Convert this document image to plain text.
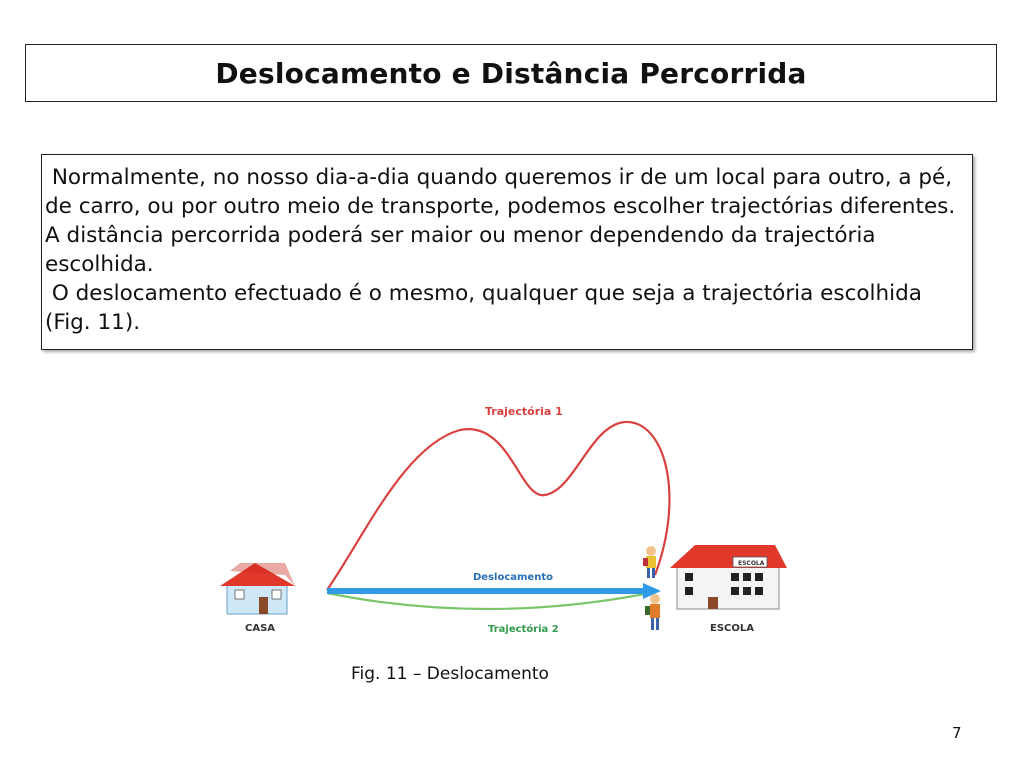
Deslocamento e Distância Percorrida

Normalmente, no nosso dia-a-dia quando queremos ir de um local para outro, a pé, de carro, ou por outro meio de transporte, podemos escolher trajectórias diferentes. A distância percorrida poderá ser maior ou menor dependendo da trajectória escolhida.

O deslocamento efectuado é o mesmo, qualquer que seja a trajectória escolhida (Fig. 11).

Trajectória 1
Trajectória 2
Deslocamento
CASA
ESCOLA
ESCOLA
Fig. 11 – Deslocamento
7
